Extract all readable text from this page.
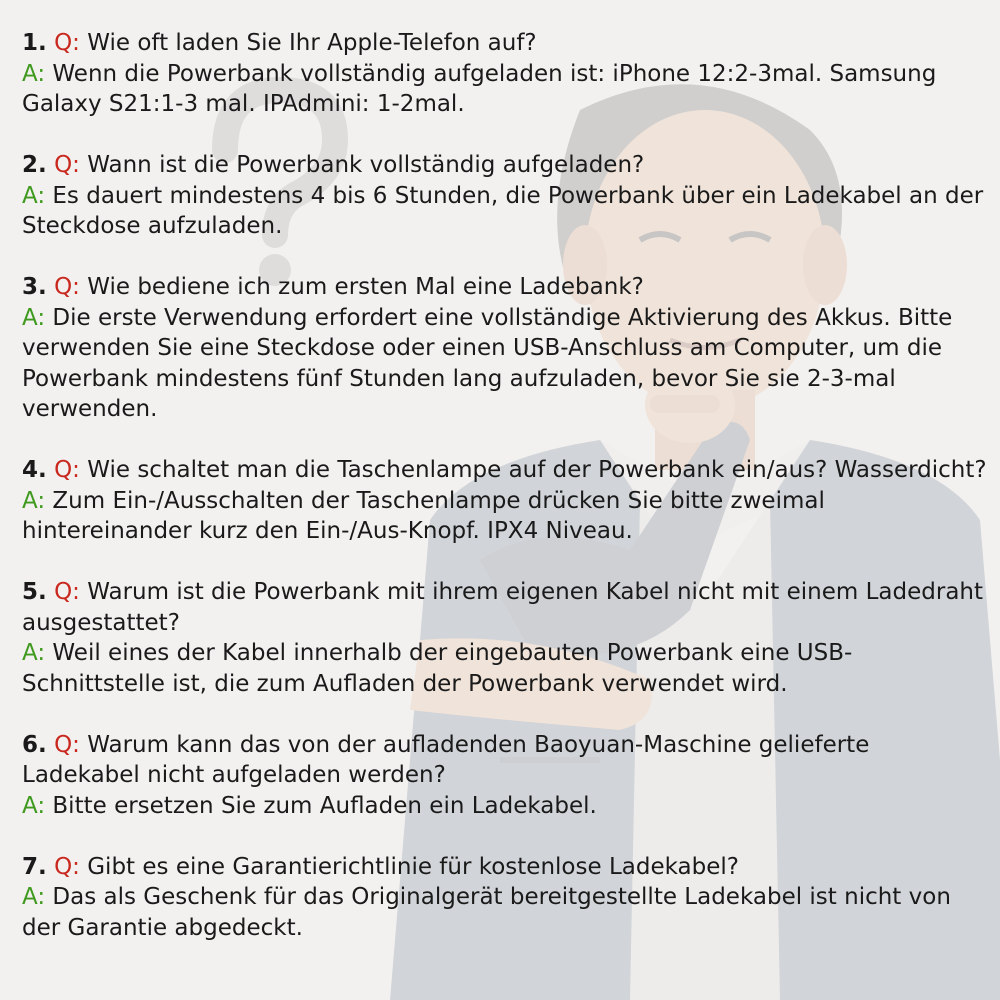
1. Q: Wie oft laden Sie Ihr Apple-Telefon auf?
A: Wenn die Powerbank vollständig aufgeladen ist: iPhone 12:2-3mal. Samsung Galaxy S21:1-3 mal. IPAdmini: 1-2mal.
2. Q: Wann ist die Powerbank vollständig aufgeladen?
A: Es dauert mindestens 4 bis 6 Stunden, die Powerbank über ein Ladekabel an der Steckdose aufzuladen.
3. Q: Wie bediene ich zum ersten Mal eine Ladebank?
A: Die erste Verwendung erfordert eine vollständige Aktivierung des Akkus. Bitte verwenden Sie eine Steckdose oder einen USB-Anschluss am Computer, um die Powerbank mindestens fünf Stunden lang aufzuladen, bevor Sie sie 2-3-mal verwenden.
4. Q: Wie schaltet man die Taschenlampe auf der Powerbank ein/aus? Wasserdicht?
A: Zum Ein-/Ausschalten der Taschenlampe drücken Sie bitte zweimal hintereinander kurz den Ein-/Aus-Knopf. IPX4 Niveau.
5. Q: Warum ist die Powerbank mit ihrem eigenen Kabel nicht mit einem Ladedraht ausgestattet?
A: Weil eines der Kabel innerhalb der eingebauten Powerbank eine USB-Schnittstelle ist, die zum Aufladen der Powerbank verwendet wird.
6. Q: Warum kann das von der aufladenden Baoyuan-Maschine gelieferte Ladekabel nicht aufgeladen werden?
A: Bitte ersetzen Sie zum Aufladen ein Ladekabel.
7. Q: Gibt es eine Garantierichtlinie für kostenlose Ladekabel?
A: Das als Geschenk für das Originalgerät bereitgestellte Ladekabel ist nicht von der Garantie abgedeckt.
